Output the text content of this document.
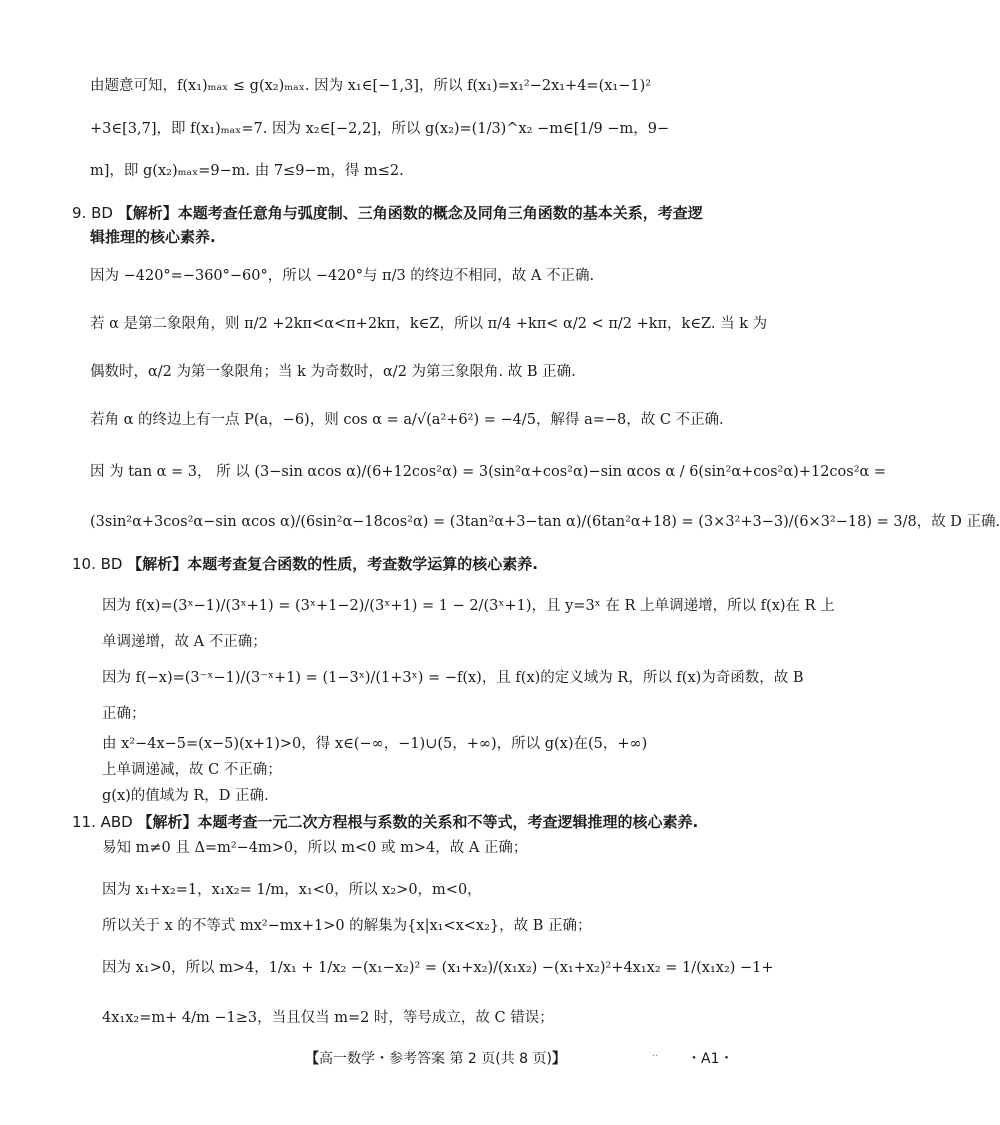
由题意可知，f(x₁)ₘₐₓ ≤ g(x₂)ₘₐₓ. 因为 x₁∈[−1,3]，所以 f(x₁)=x₁²−2x₁+4=(x₁−1)²
+3∈[3,7]，即 f(x₁)ₘₐₓ=7. 因为 x₂∈[−2,2]，所以 g(x₂)=(1/3)^x₂ −m∈[1/9 −m，9−
m]，即 g(x₂)ₘₐₓ=9−m. 由 7≤9−m，得 m≤2.
9. BD 【解析】本题考查任意角与弧度制、三角函数的概念及同角三角函数的基本关系，考查逻
辑推理的核心素养.
因为 −420°=−360°−60°，所以 −420°与 π/3 的终边不相同，故 A 不正确.
若 α 是第二象限角，则 π/2 +2kπ<α<π+2kπ，k∈Z，所以 π/4 +kπ< α/2 < π/2 +kπ，k∈Z. 当 k 为
偶数时，α/2 为第一象限角；当 k 为奇数时，α/2 为第三象限角. 故 B 正确.
若角 α 的终边上有一点 P(a，−6)，则 cos α = a/√(a²+6²) = −4/5，解得 a=−8，故 C 不正确.
因 为 tan α = 3， 所 以 (3−sin αcos α)/(6+12cos²α) = 3(sin²α+cos²α)−sin αcos α / 6(sin²α+cos²α)+12cos²α =
(3sin²α+3cos²α−sin αcos α)/(6sin²α−18cos²α) = (3tan²α+3−tan α)/(6tan²α+18) = (3×3²+3−3)/(6×3²−18) = 3/8，故 D 正确.
10. BD 【解析】本题考查复合函数的性质，考查数学运算的核心素养.
因为 f(x)=(3ˣ−1)/(3ˣ+1) = (3ˣ+1−2)/(3ˣ+1) = 1 − 2/(3ˣ+1)，且 y=3ˣ 在 R 上单调递增，所以 f(x)在 R 上
单调递增，故 A 不正确；
因为 f(−x)=(3⁻ˣ−1)/(3⁻ˣ+1) = (1−3ˣ)/(1+3ˣ) = −f(x)，且 f(x)的定义域为 R，所以 f(x)为奇函数，故 B
正确；
由 x²−4x−5=(x−5)(x+1)>0，得 x∈(−∞，−1)∪(5，+∞)，所以 g(x)在(5，+∞)
上单调递减，故 C 不正确；
g(x)的值域为 R，D 正确.
11. ABD 【解析】本题考查一元二次方程根与系数的关系和不等式，考查逻辑推理的核心素养.
易知 m≠0 且 Δ=m²−4m>0，所以 m<0 或 m>4，故 A 正确；
因为 x₁+x₂=1，x₁x₂= 1/m，x₁<0，所以 x₂>0，m<0，
所以关于 x 的不等式 mx²−mx+1>0 的解集为{x|x₁<x<x₂}，故 B 正确；
因为 x₁>0，所以 m>4，1/x₁ + 1/x₂ −(x₁−x₂)² = (x₁+x₂)/(x₁x₂) −(x₁+x₂)²+4x₁x₂ = 1/(x₁x₂) −1+
4x₁x₂=m+ 4/m −1≥3，当且仅当 m=2 时，等号成立，故 C 错误；
【高一数学・参考答案 第 2 页(共 8 页)】	.. ・A1・
